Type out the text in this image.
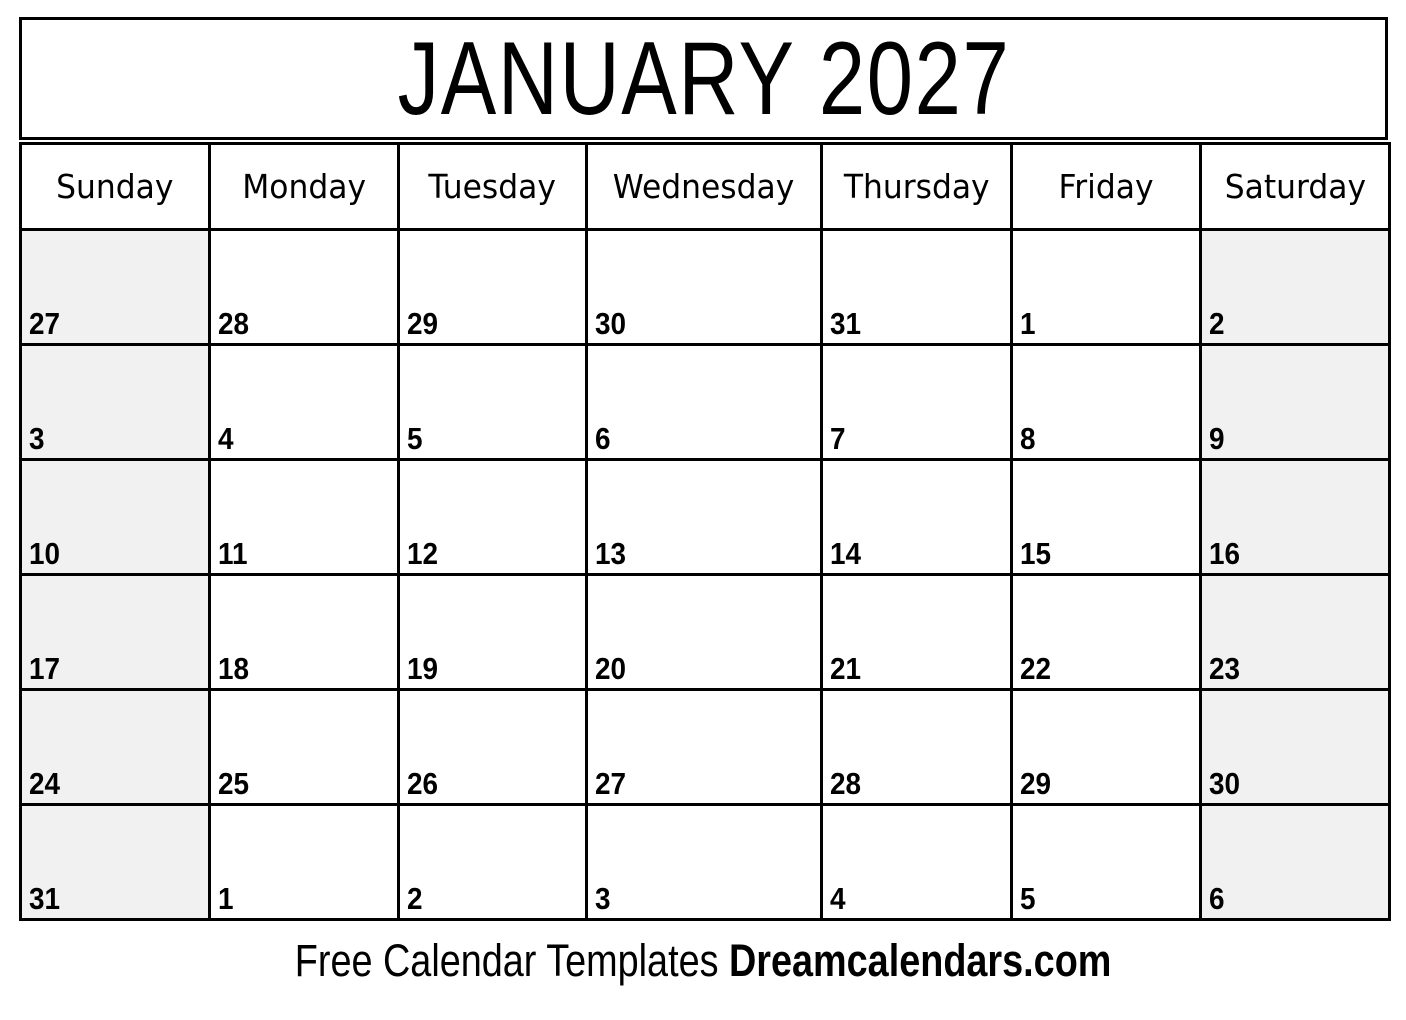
JANUARY 2027
Sunday	Monday	Tuesday	Wednesday	Thursday	Friday	Saturday
27	28	29	30	31	1	2
3	4	5	6	7	8	9
10	11	12	13	14	15	16
17	18	19	20	21	22	23
24	25	26	27	28	29	30
31	1	2	3	4	5	6
Free Calendar Templates Dreamcalendars.com
